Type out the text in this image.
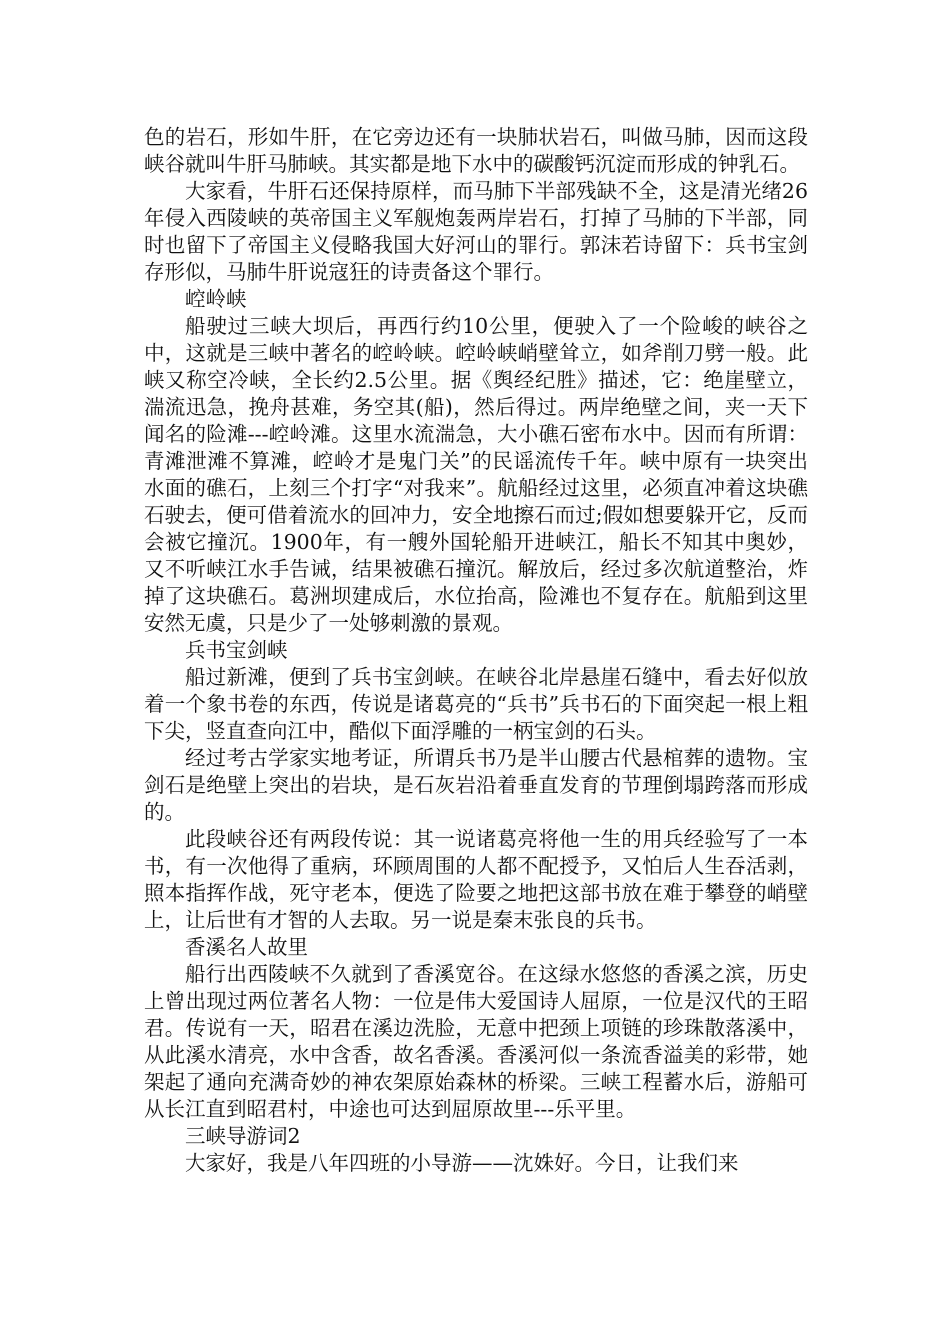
色的岩石，形如牛肝，在它旁边还有一块肺状岩石，叫做马肺，因而这段峡谷就叫牛肝马肺峡。其实都是地下水中的碳酸钙沉淀而形成的钟乳石。

大家看，牛肝石还保持原样，而马肺下半部残缺不全，这是清光绪26年侵入西陵峡的英帝国主义军舰炮轰两岸岩石，打掉了马肺的下半部，同时也留下了帝国主义侵略我国大好河山的罪行。郭沫若诗留下：兵书宝剑存形似，马肺牛肝说寇狂的诗责备这个罪行。

崆岭峡

船驶过三峡大坝后，再西行约10公里，便驶入了一个险峻的峡谷之中，这就是三峡中著名的崆岭峡。崆岭峡峭壁耸立，如斧削刀劈一般。此峡又称空冷峡，全长约2.5公里。据《舆经纪胜》描述，它：绝崖壁立，湍流迅急，挽舟甚难，务空其(船)，然后得过。两岸绝壁之间，夹一天下闻名的险滩---崆岭滩。这里水流湍急，大小礁石密布水中。因而有所谓：青滩泄滩不算滩，崆岭才是鬼门关”的民谣流传千年。峡中原有一块突出水面的礁石，上刻三个打字“对我来”。航船经过这里，必须直冲着这块礁石驶去，便可借着流水的回冲力，安全地擦石而过;假如想要躲开它，反而会被它撞沉。1900年，有一艘外国轮船开进峡江，船长不知其中奥妙，又不听峡江水手告诫，结果被礁石撞沉。解放后，经过多次航道整治，炸掉了这块礁石。葛洲坝建成后，水位抬高，险滩也不复存在。航船到这里安然无虞，只是少了一处够刺激的景观。

兵书宝剑峡

船过新滩，便到了兵书宝剑峡。在峡谷北岸悬崖石缝中，看去好似放着一个象书卷的东西，传说是诸葛亮的“兵书”兵书石的下面突起一根上粗下尖，竖直查向江中，酷似下面浮雕的一柄宝剑的石头。

经过考古学家实地考证，所谓兵书乃是半山腰古代悬棺葬的遗物。宝剑石是绝壁上突出的岩块，是石灰岩沿着垂直发育的节理倒塌跨落而形成的。

此段峡谷还有两段传说：其一说诸葛亮将他一生的用兵经验写了一本书，有一次他得了重病，环顾周围的人都不配授予，又怕后人生吞活剥，照本指挥作战，死守老本，便选了险要之地把这部书放在难于攀登的峭壁上，让后世有才智的人去取。另一说是秦末张良的兵书。

香溪名人故里

船行出西陵峡不久就到了香溪宽谷。在这绿水悠悠的香溪之滨，历史上曾出现过两位著名人物：一位是伟大爱国诗人屈原，一位是汉代的王昭君。传说有一天，昭君在溪边洗脸，无意中把颈上项链的珍珠散落溪中，从此溪水清亮，水中含香，故名香溪。香溪河似一条流香溢美的彩带，她架起了通向充满奇妙的神农架原始森林的桥梁。三峡工程蓄水后，游船可从长江直到昭君村，中途也可达到屈原故里---乐平里。

三峡导游词2

大家好，我是八年四班的小导游——沈姝好。今日，让我们来
